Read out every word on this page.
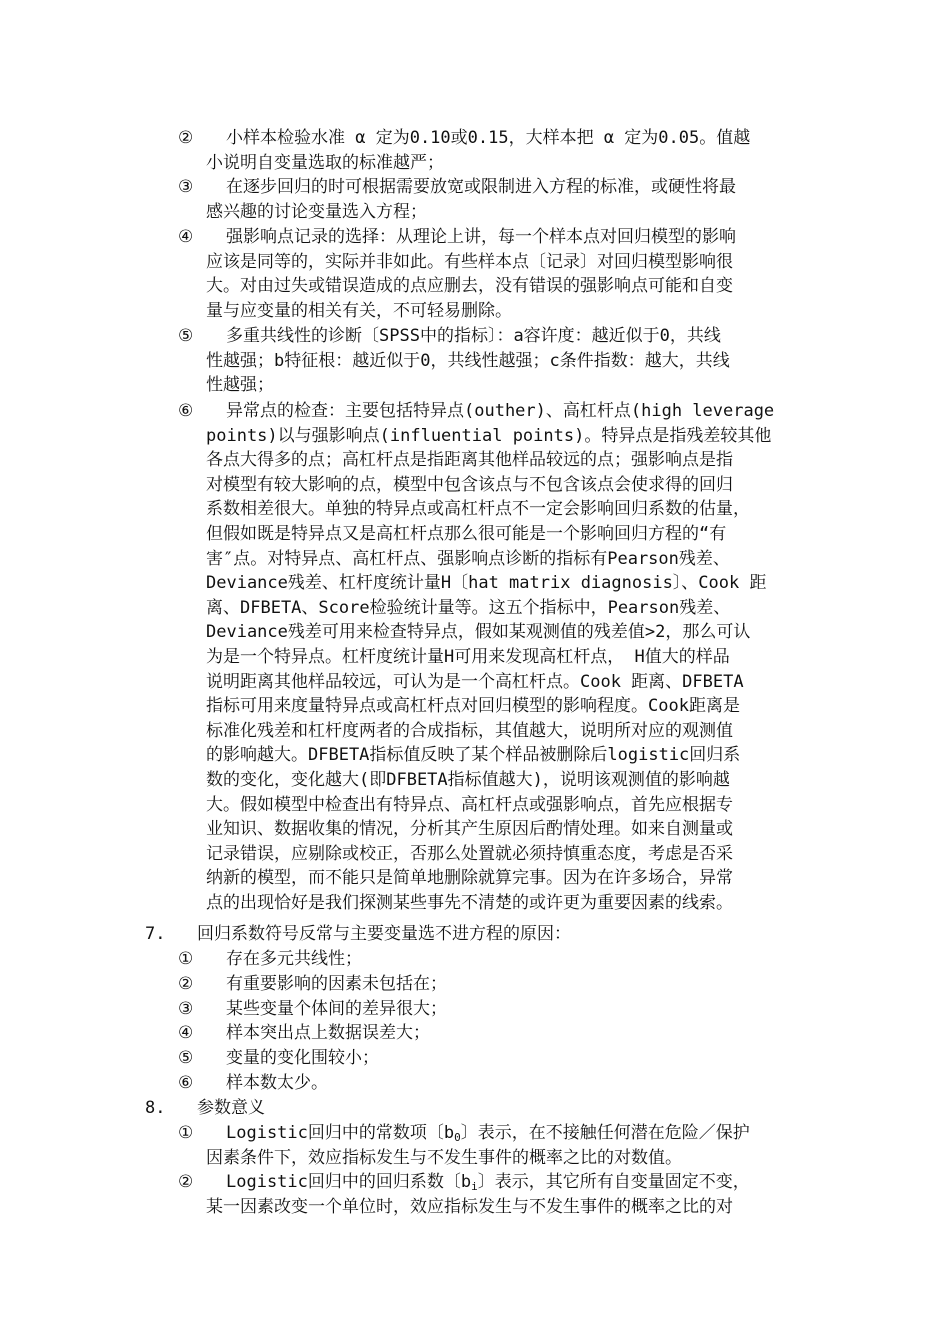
②	小样本检验水准 α 定为0.10或0.15，大样本把 α 定为0.05。值越
小说明自变量选取的标准越严；
③	在逐步回归的时可根据需要放宽或限制进入方程的标准，或硬性将最
感兴趣的讨论变量选入方程；
④	强影响点记录的选择：从理论上讲，每一个样本点对回归模型的影响
应该是同等的，实际并非如此。有些样本点〔记录〕对回归模型影响很
大。对由过失或错误造成的点应删去，没有错误的强影响点可能和自变
量与应变量的相关有关，不可轻易删除。
⑤	多重共线性的诊断〔SPSS中的指标〕：a容许度：越近似于0，共线
性越强；b特征根：越近似于0，共线性越强；c条件指数：越大，共线
性越强；
⑥	异常点的检查：主要包括特异点(outher)、高杠杆点(high leverage
points)以与强影响点(influential points)。特异点是指残差较其他
各点大得多的点；高杠杆点是指距离其他样品较远的点；强影响点是指
对模型有较大影响的点，模型中包含该点与不包含该点会使求得的回归
系数相差很大。单独的特异点或高杠杆点不一定会影响回归系数的估量，
但假如既是特异点又是高杠杆点那么很可能是一个影响回归方程的“有
害″点。对特异点、高杠杆点、强影响点诊断的指标有Pearson残差、
Deviance残差、杠杆度统计量H〔hat matrix diagnosis〕、Cook 距
离、DFBETA、Score检验统计量等。这五个指标中，Pearson残差、
Deviance残差可用来检查特异点，假如某观测值的残差值>2，那么可认
为是一个特异点。杠杆度统计量H可用来发现高杠杆点， H值大的样品
说明距离其他样品较远，可认为是一个高杠杆点。Cook 距离、DFBETA
指标可用来度量特异点或高杠杆点对回归模型的影响程度。Cook距离是
标准化残差和杠杆度两者的合成指标，其值越大，说明所对应的观测值
的影响越大。DFBETA指标值反映了某个样品被删除后logistic回归系
数的变化，变化越大(即DFBETA指标值越大)，说明该观测值的影响越
大。假如模型中检查出有特异点、高杠杆点或强影响点，首先应根据专
业知识、数据收集的情况，分析其产生原因后酌情处理。如来自测量或
记录错误，应剔除或校正，否那么处置就必须持慎重态度，考虑是否采
纳新的模型，而不能只是简单地删除就算完事。因为在许多场合，异常
点的出现恰好是我们探测某些事先不清楚的或许更为重要因素的线索。
7. 回归系数符号反常与主要变量选不进方程的原因：
① 存在多元共线性；
② 有重要影响的因素未包括在；
③ 某些变量个体间的差异很大；
④ 样本突出点上数据误差大；
⑤ 变量的变化围较小；
⑥ 样本数太少。
8. 参数意义
①	Logistic回归中的常数项〔$b_0$〕表示，在不接触任何潜在危险／保护
因素条件下，效应指标发生与不发生事件的概率之比的对数值。
②	Logistic回归中的回归系数〔$b_i$〕表示，其它所有自变量固定不变，
某一因素改变一个单位时，效应指标发生与不发生事件的概率之比的对
